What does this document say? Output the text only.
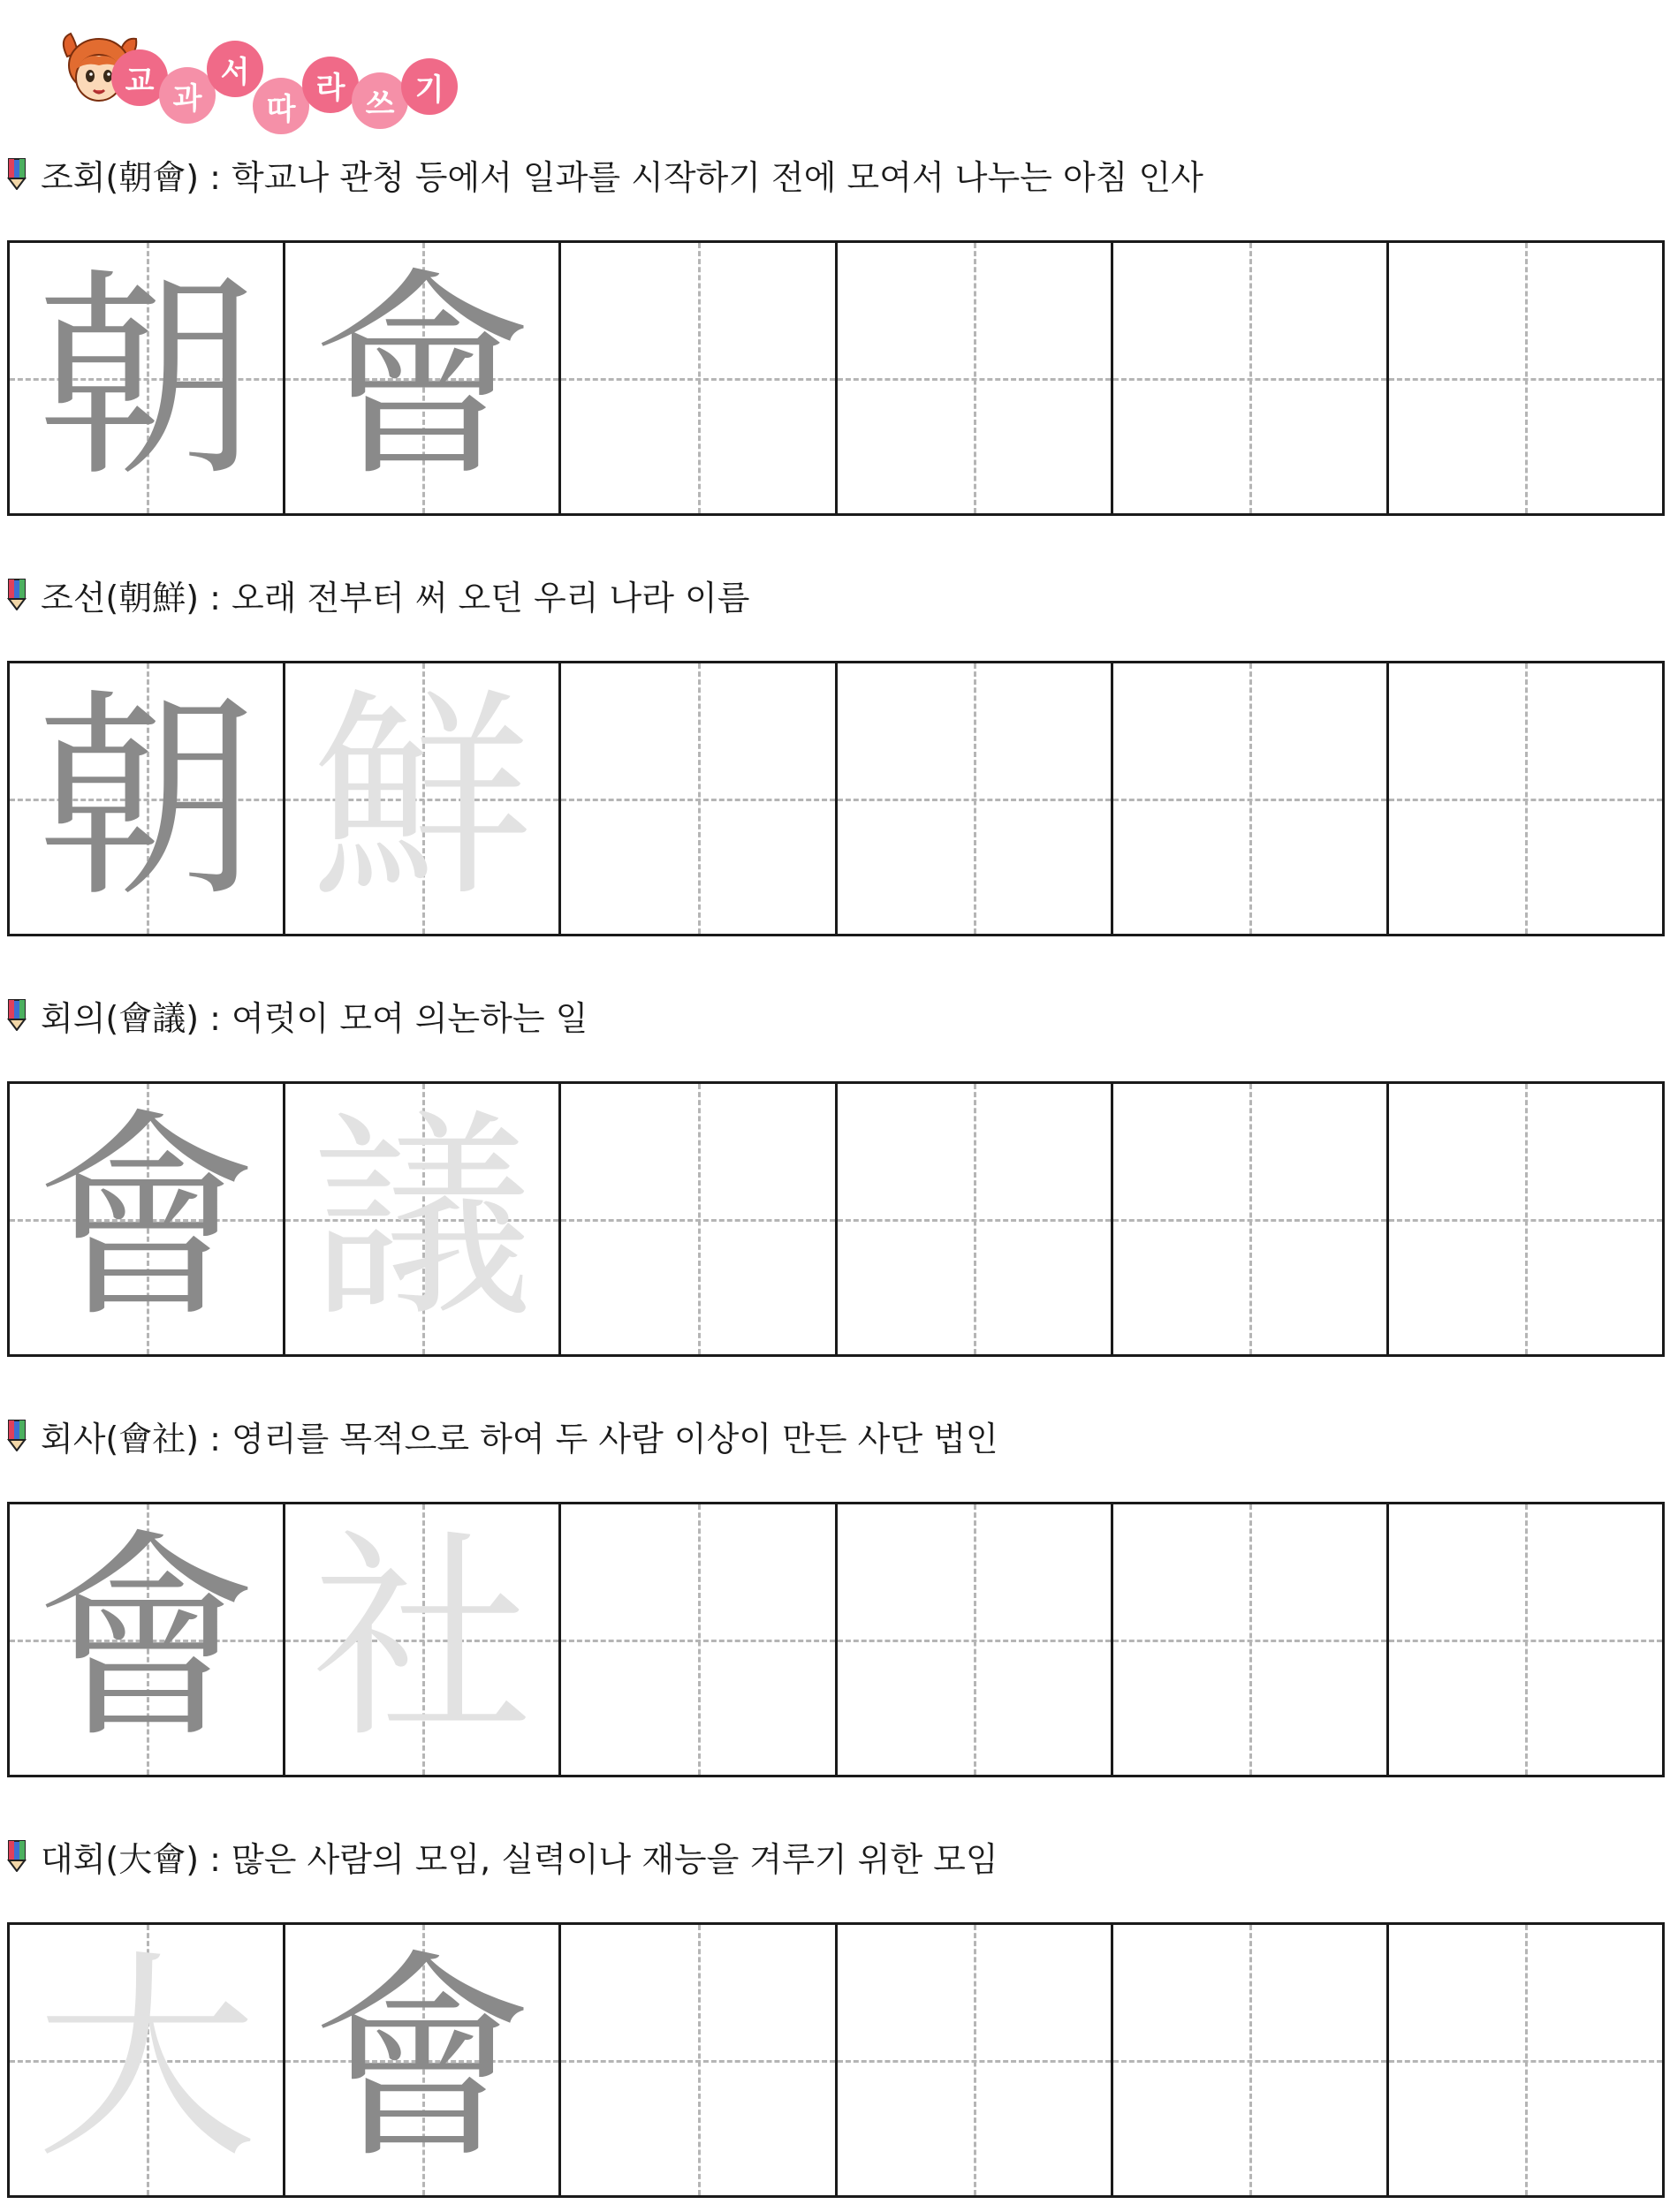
교 과
서
따
라 쓰 기
조회(朝會) : 학교나 관청 등에서 일과를 시작하기 전에 모여서 나누는 아침 인사
朝 會
조선(朝鮮) : 오래 전부터 써 오던 우리 나라 이름
朝 鮮
회의(會議) : 여럿이 모여 의논하는 일
會 議
회사(會社) : 영리를 목적으로 하여 두 사람 이상이 만든 사단 법인
會 社
대회(大會) : 많은 사람의 모임, 실력이나 재능을 겨루기 위한 모임
大 會
